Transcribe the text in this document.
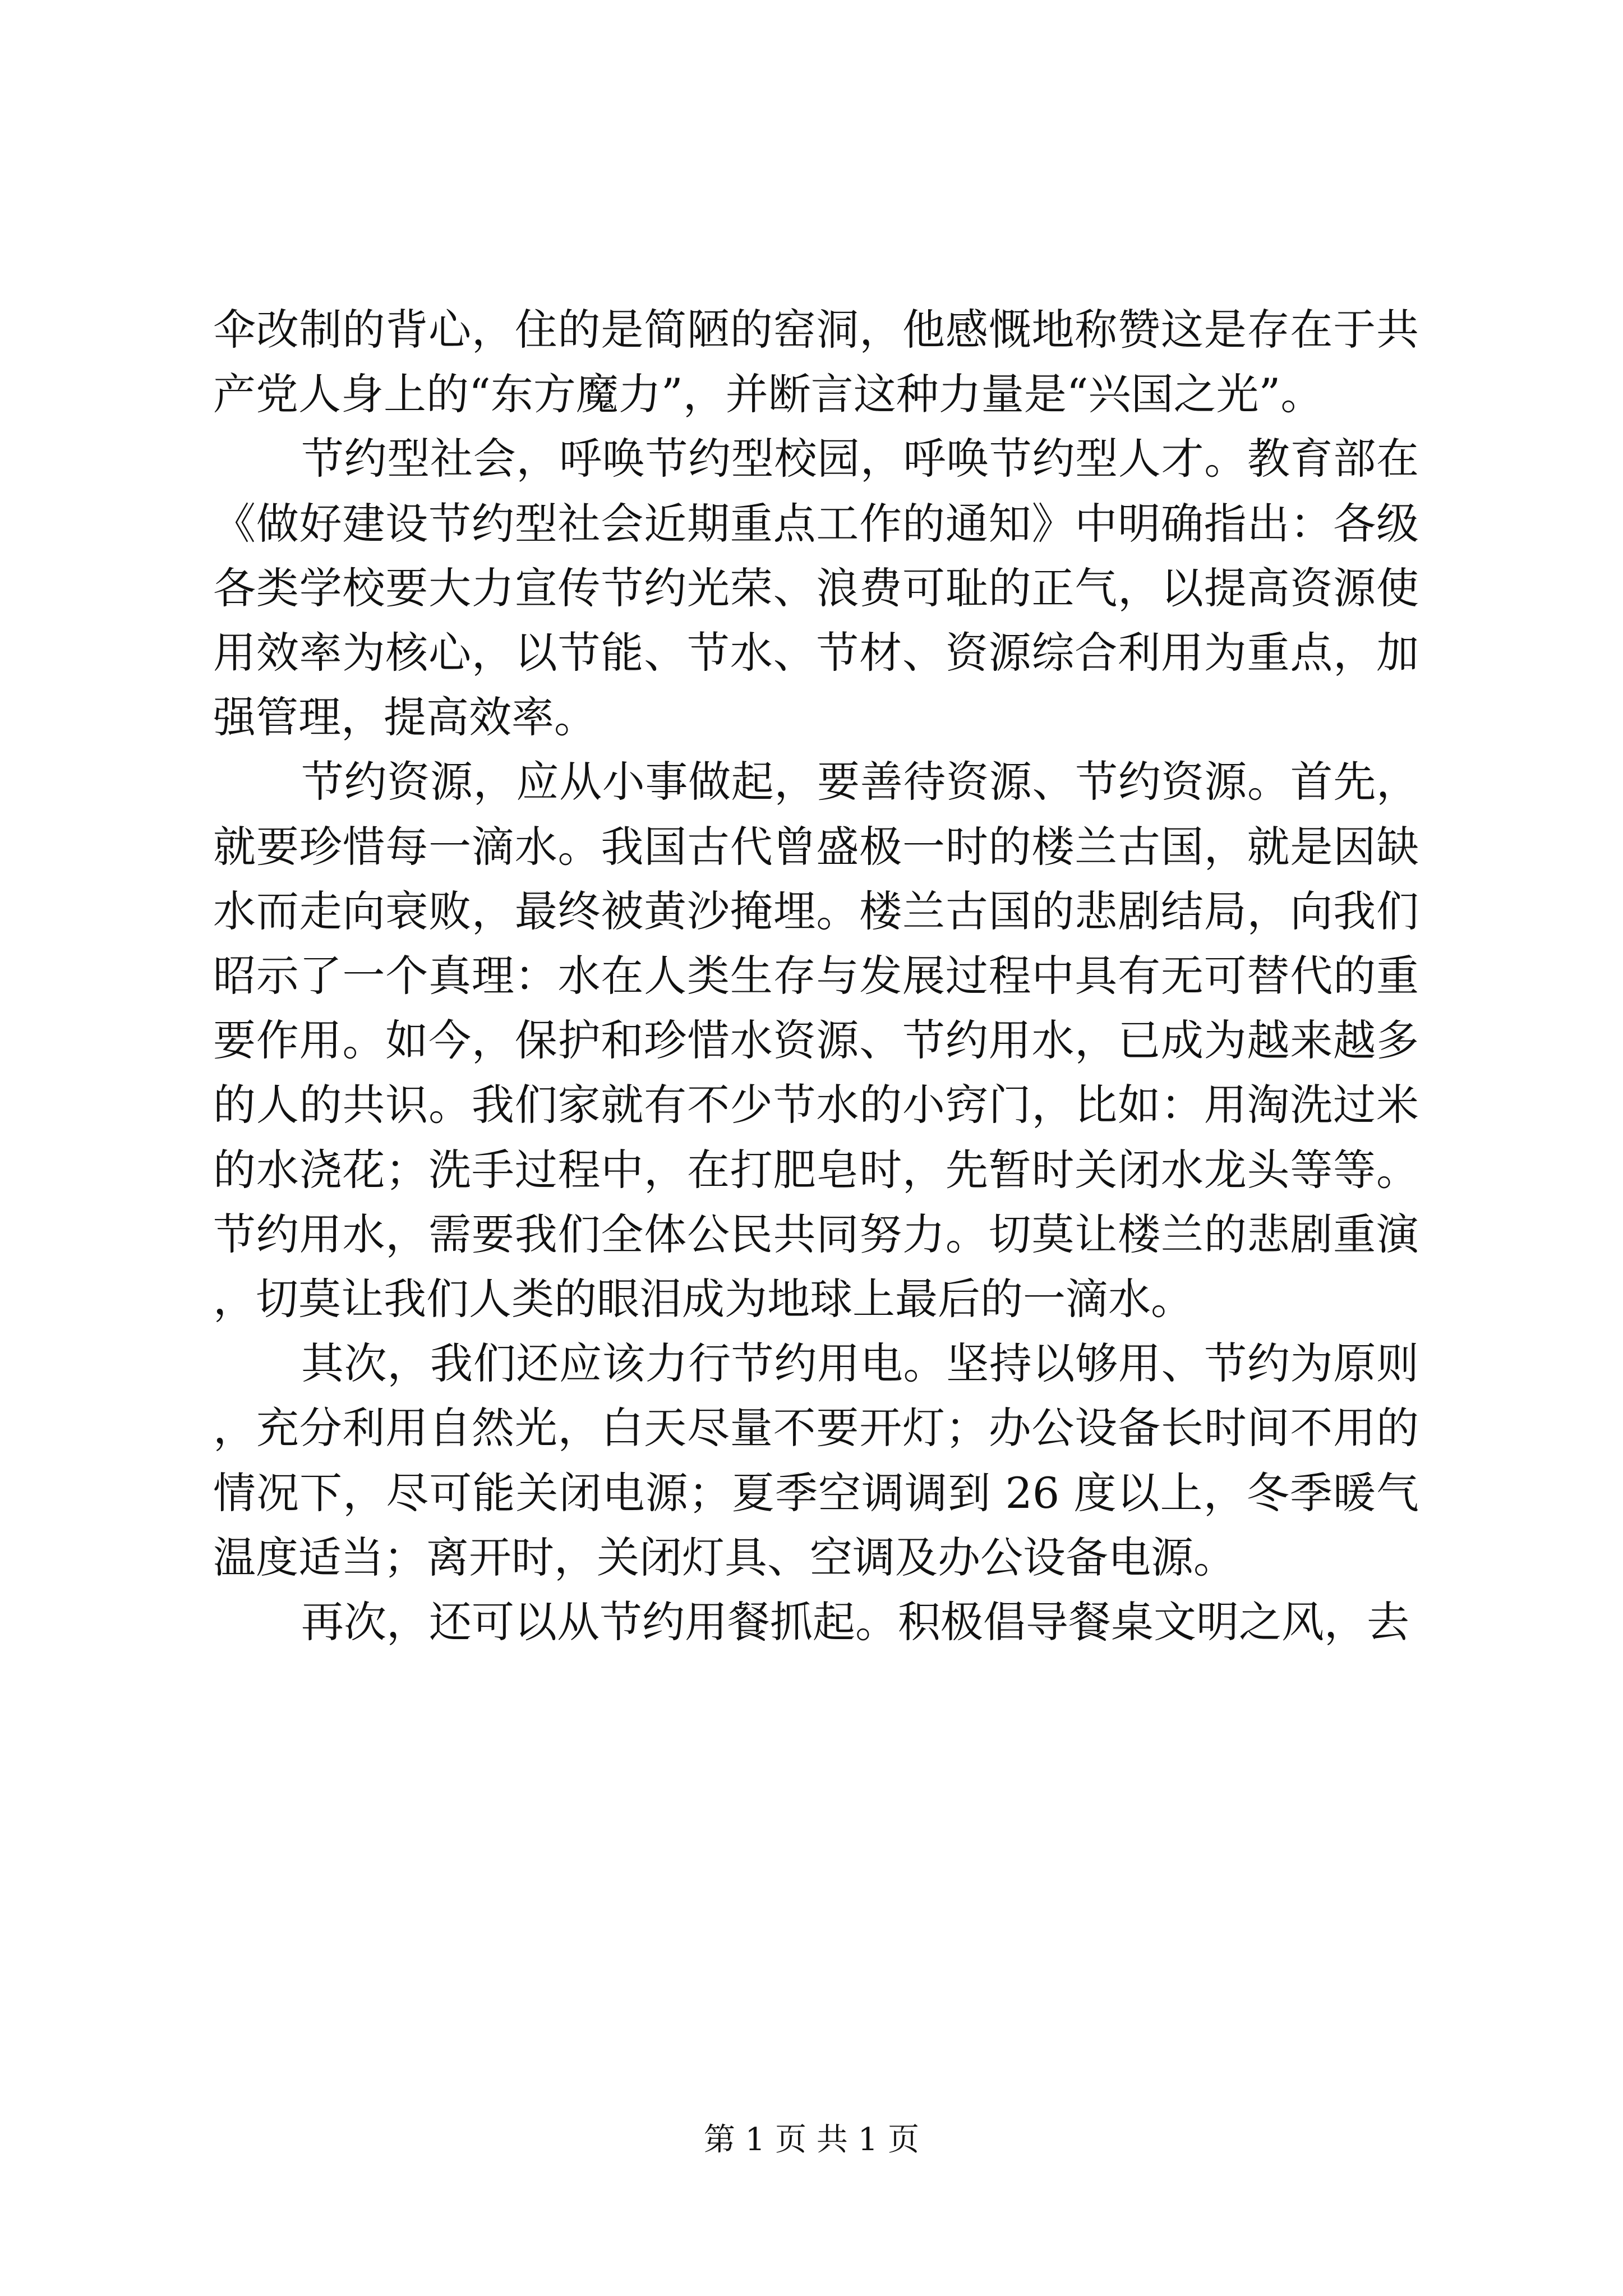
伞改制的背心，住的是简陋的窑洞，他感慨地称赞这是存在于共产党人身上的“东方魔力”，并断言这种力量是“兴国之光”。

节约型社会，呼唤节约型校园，呼唤节约型人才。教育部在《做好建设节约型社会近期重点工作的通知》中明确指出：各级各类学校要大力宣传节约光荣、浪费可耻的正气，以提高资源使用效率为核心，以节能、节水、节材、资源综合利用为重点，加强管理，提高效率。

节约资源，应从小事做起，要善待资源、节约资源。首先，就要珍惜每一滴水。我国古代曾盛极一时的楼兰古国，就是因缺水而走向衰败，最终被黄沙掩埋。楼兰古国的悲剧结局，向我们昭示了一个真理：水在人类生存与发展过程中具有无可替代的重要作用。如今，保护和珍惜水资源、节约用水，已成为越来越多的人的共识。我们家就有不少节水的小窍门，比如：用淘洗过米的水浇花；洗手过程中，在打肥皂时，先暂时关闭水龙头等等。节约用水，需要我们全体公民共同努力。切莫让楼兰的悲剧重演，切莫让我们人类的眼泪成为地球上最后的一滴水。

其次，我们还应该力行节约用电。坚持以够用、节约为原则，充分利用自然光，白天尽量不要开灯；办公设备长时间不用的情况下，尽可能关闭电源；夏季空调调到 26 度以上，冬季暖气温度适当；离开时，关闭灯具、空调及办公设备电源。

再次，还可以从节约用餐抓起。积极倡导餐桌文明之风，去

第 1 页 共 1 页
